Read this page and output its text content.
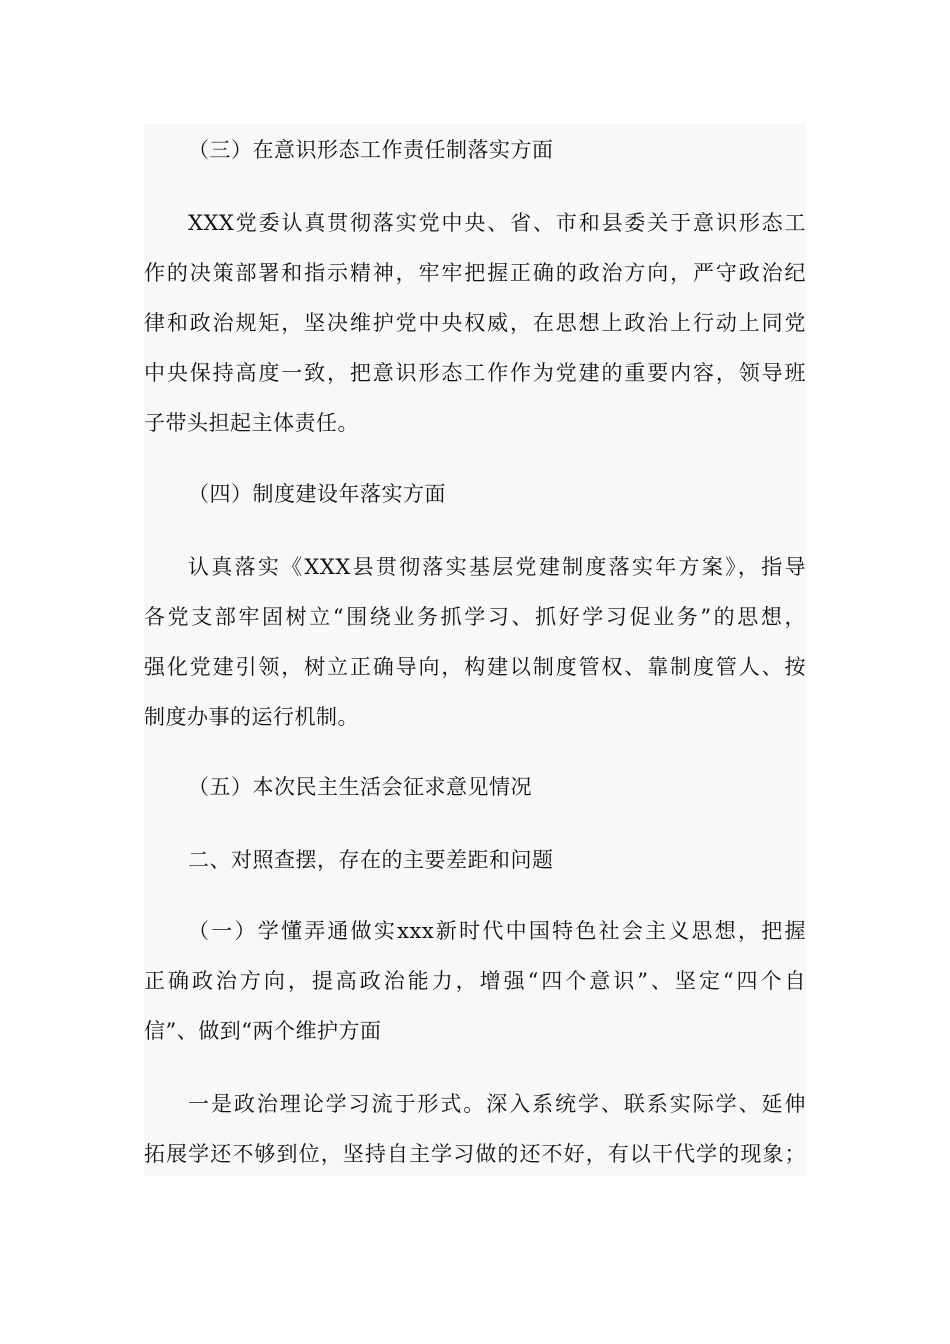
（三）在意识形态工作责任制落实方面
XXX党委认真贯彻落实党中央、省、市和县委关于意识形态工
作的决策部署和指示精神，牢牢把握正确的政治方向，严守政治纪
律和政治规矩，坚决维护党中央权威，在思想上政治上行动上同党
中央保持高度一致，把意识形态工作作为党建的重要内容，领导班
子带头担起主体责任。
（四）制度建设年落实方面
认真落实《XXX县贯彻落实基层党建制度落实年方案》，指导
各党支部牢固树立“围绕业务抓学习、抓好学习促业务”的思想，
强化党建引领，树立正确导向，构建以制度管权、靠制度管人、按
制度办事的运行机制。
（五）本次民主生活会征求意见情况
二、对照查摆，存在的主要差距和问题
（一）学懂弄通做实xxx新时代中国特色社会主义思想，把握
正确政治方向，提高政治能力，增强“四个意识”、坚定“四个自
信”、做到“两个维护方面
一是政治理论学习流于形式。深入系统学、联系实际学、延伸
拓展学还不够到位，坚持自主学习做的还不好，有以干代学的现象；
